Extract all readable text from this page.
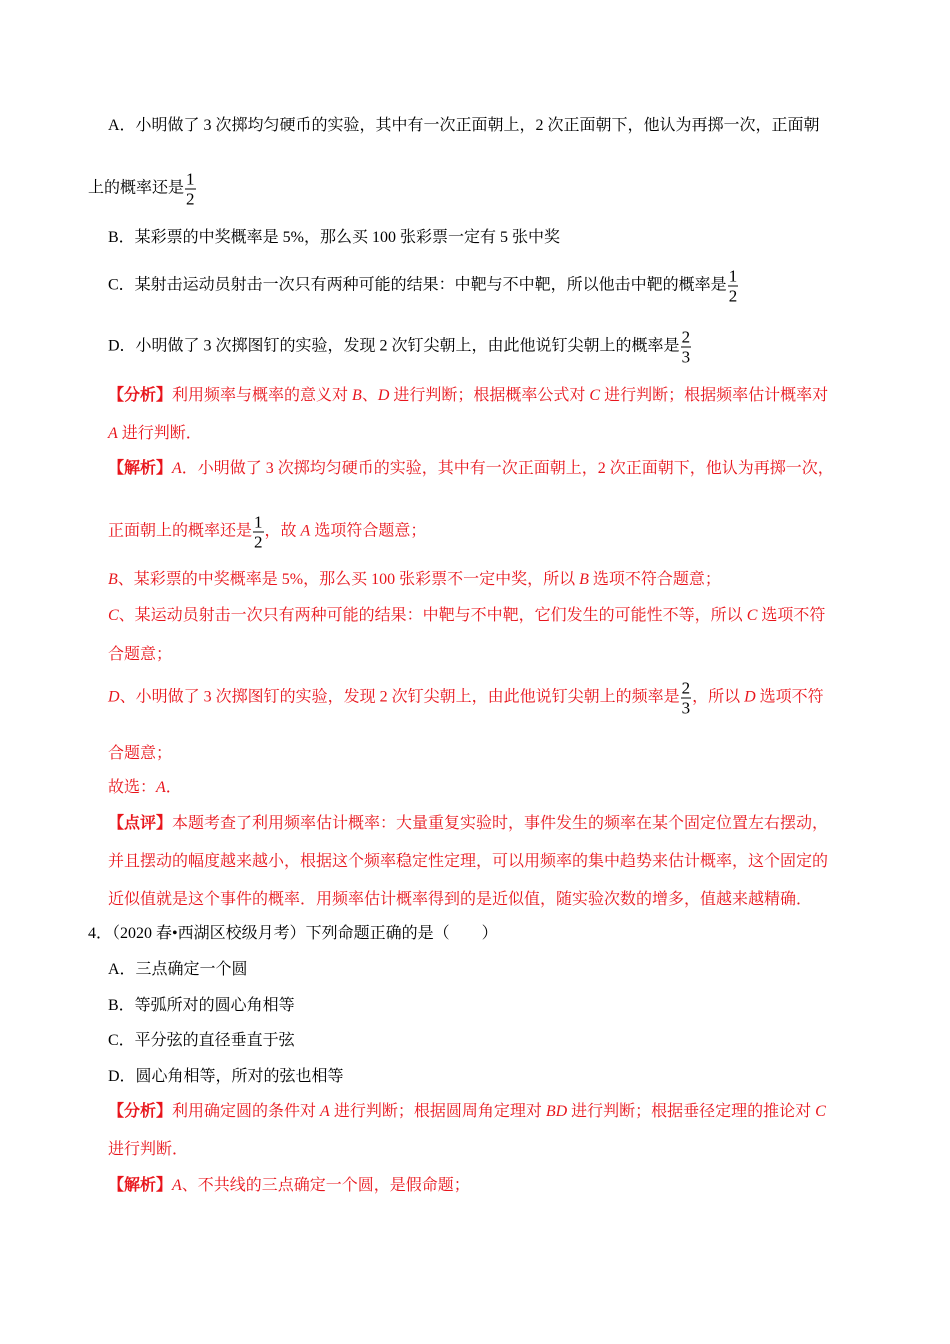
A．小明做了 3 次掷均匀硬币的实验，其中有一次正面朝上，2 次正面朝下，他认为再掷一次，正面朝
上的概率还是 $\frac{1}{2}$
B．某彩票的中奖概率是 5%，那么买 100 张彩票一定有 5 张中奖
C．某射击运动员射击一次只有两种可能的结果：中靶与不中靶，所以他击中靶的概率是 $\frac{1}{2}$
D．小明做了 3 次掷图钉的实验，发现 2 次钉尖朝上，由此他说钉尖朝上的概率是 $\frac{2}{3}$
【分析】利用频率与概率的意义对 B、D 进行判断；根据概率公式对 C 进行判断；根据频率估计概率对
A 进行判断．
【解析】A．小明做了 3 次掷均匀硬币的实验，其中有一次正面朝上，2 次正面朝下，他认为再掷一次，
正面朝上的概率还是 $\frac{1}{2}$ ，故 A 选项符合题意；
B、某彩票的中奖概率是 5%，那么买 100 张彩票不一定中奖，所以 B 选项不符合题意；
C、某运动员射击一次只有两种可能的结果：中靶与不中靶，它们发生的可能性不等，所以 C 选项不符
合题意；
D、小明做了 3 次掷图钉的实验，发现 2 次钉尖朝上，由此他说钉尖朝上的频率是 $\frac{2}{3}$ ，所以 D 选项不符
合题意；
故选：A．
【点评】本题考查了利用频率估计概率：大量重复实验时，事件发生的频率在某个固定位置左右摆动，
并且摆动的幅度越来越小，根据这个频率稳定性定理，可以用频率的集中趋势来估计概率，这个固定的
近似值就是这个事件的概率．用频率估计概率得到的是近似值，随实验次数的增多，值越来越精确．
4．（2020 春•西湖区校级月考）下列命题正确的是（　　）
A．三点确定一个圆
B．等弧所对的圆心角相等
C．平分弦的直径垂直于弦
D．圆心角相等，所对的弦也相等
【分析】利用确定圆的条件对 A 进行判断；根据圆周角定理对 BD 进行判断；根据垂径定理的推论对 C
进行判断．
【解析】A、不共线的三点确定一个圆，是假命题；
